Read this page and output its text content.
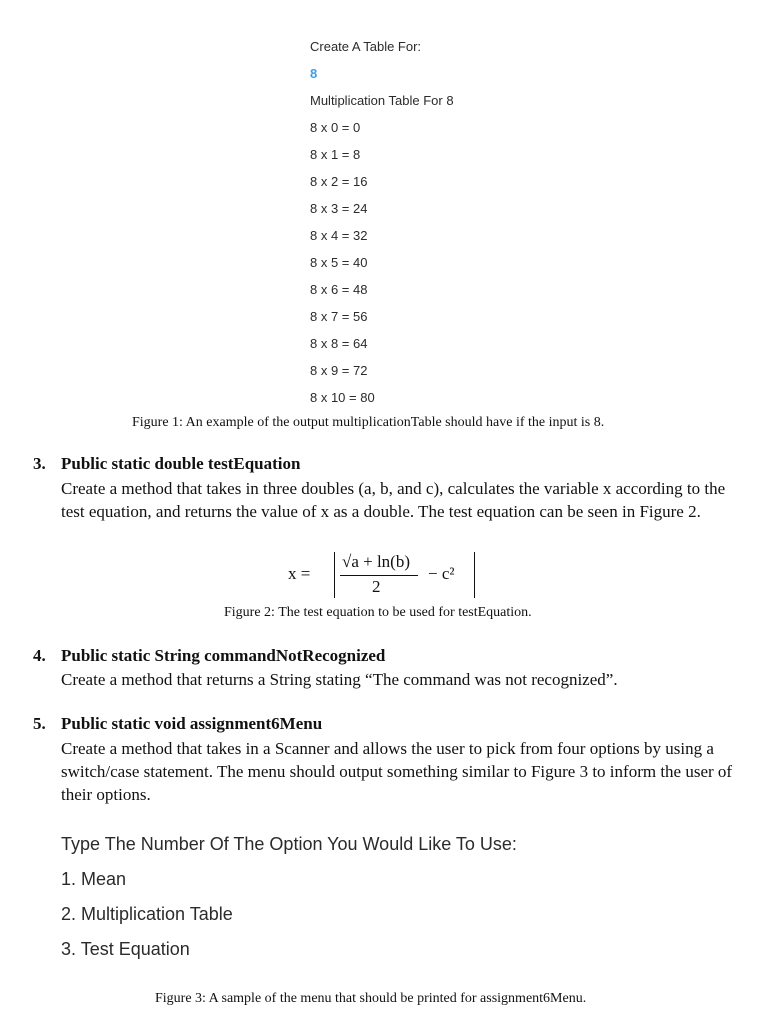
Create A Table For:
8
Multiplication Table For 8
8 x 0 = 0
8 x 1 = 8
8 x 2 = 16
8 x 3 = 24
8 x 4 = 32
8 x 5 = 40
8 x 6 = 48
8 x 7 = 56
8 x 8 = 64
8 x 9 = 72
8 x 10 = 80
Figure 1: An example of the output multiplicationTable should have if the input is 8.
3. Public static double testEquation
Create a method that takes in three doubles (a, b, and c), calculates the variable x according to the test equation, and returns the value of x as a double. The test equation can be seen in Figure 2.
x =
√a + ln(b)
2
− c²
Figure 2: The test equation to be used for testEquation.
4. Public static String commandNotRecognized
Create a method that returns a String stating “The command was not recognized”.
5. Public static void assignment6Menu
Create a method that takes in a Scanner and allows the user to pick from four options by using a switch/case statement. The menu should output something similar to Figure 3 to inform the user of their options.
Type The Number Of The Option You Would Like To Use:
1. Mean
2. Multiplication Table
3. Test Equation
Figure 3: A sample of the menu that should be printed for assignment6Menu.
